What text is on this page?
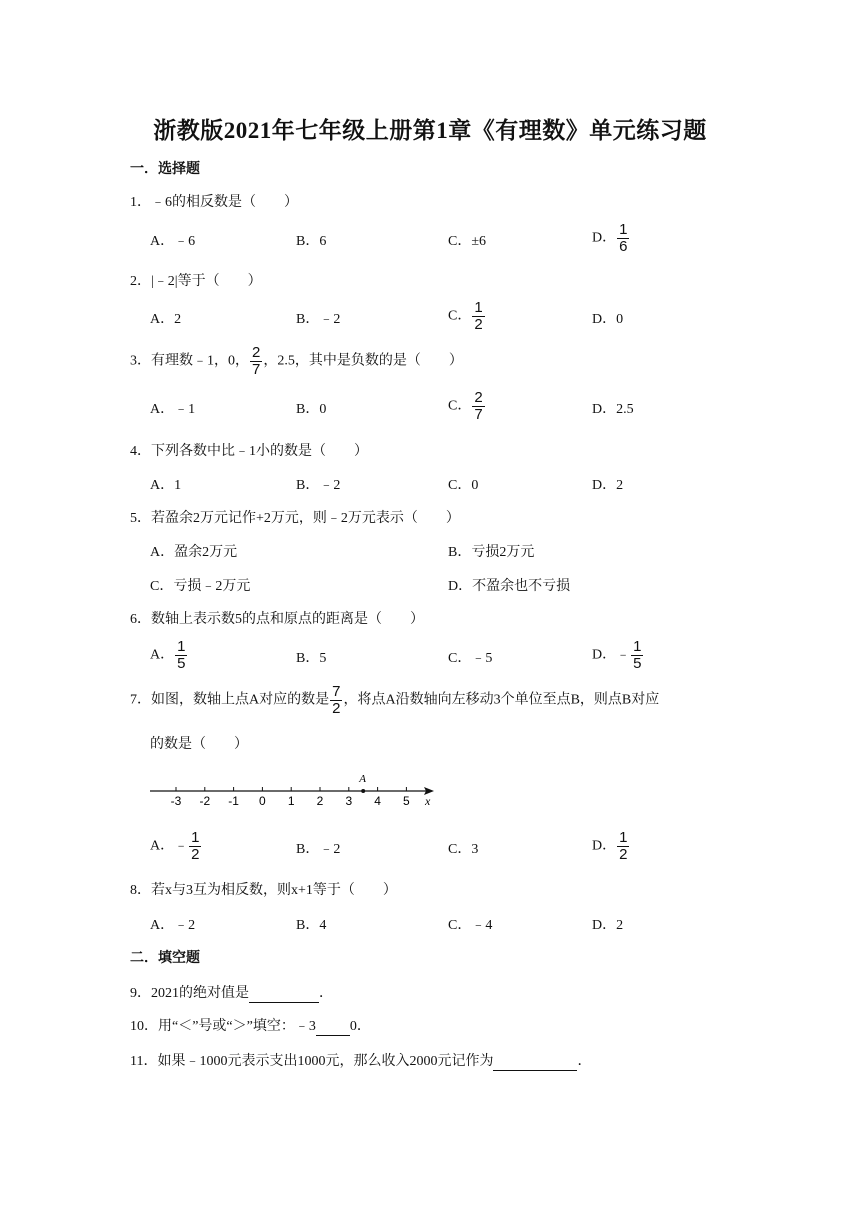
浙教版2021年七年级上册第1章《有理数》单元练习题
一．选择题
1．﹣6的相反数是（　　）
A．﹣6	B．6	C．±6	D． $\frac{1}{6}$
2．|﹣2|等于（　　）
A．2	B．﹣2	C． $\frac{1}{2}$	D．0
3．有理数﹣1，0， $\frac{2}{7}$ ，2.5，其中是负数的是（　　）
A．﹣1	B．0	C． $\frac{2}{7}$	D．2.5
4．下列各数中比﹣1小的数是（　　）
A．1	B．﹣2	C．0	D．2
5．若盈余2万元记作+2万元，则﹣2万元表示（　　）
A．盈余2万元	B．亏损2万元
C．亏损﹣2万元	D．不盈余也不亏损
6．数轴上表示数5的点和原点的距离是（　　）
A． $\frac{1}{5}$	B．5	C．﹣5	D．﹣ $\frac{1}{5}$
7．如图，数轴上点A对应的数是 $\frac{7}{2}$ ，将点A沿数轴向左移动3个单位至点B，则点B对应
的数是（　　）
-3 -2 -1 0 1 2 3 4 5
A
x
A．﹣ $\frac{1}{2}$	B．﹣2	C．3	D． $\frac{1}{2}$
8．若x与3互为相反数，则x+1等于（　　）
A．﹣2	B．4	C．﹣4	D．2
二．填空题
9．2021的绝对值是	．
10．用“＜”号或“＞”填空：﹣3 0．
11．如果﹣1000元表示支出1000元，那么收入2000元记作为	．
